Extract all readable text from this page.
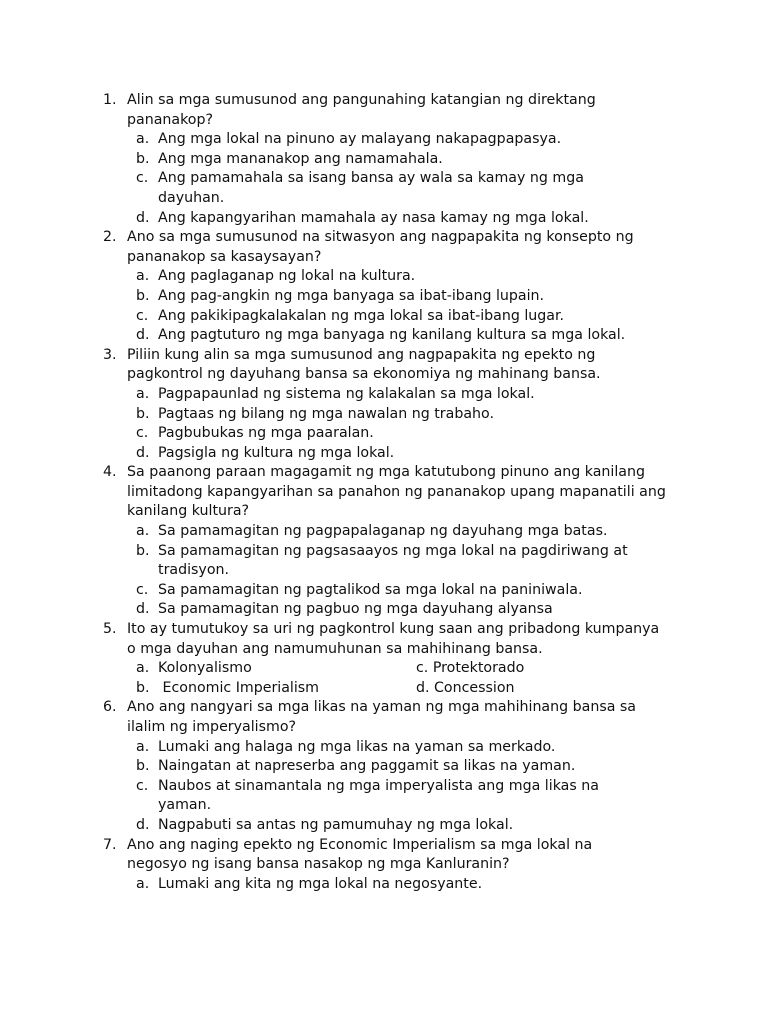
1. Alin sa mga sumusunod ang pangunahing katangian ng direktang pananakop?
a. Ang mga lokal na pinuno ay malayang nakapagpapasya.
b. Ang mga mananakop ang namamahala.
c. Ang pamamahala sa isang bansa ay wala sa kamay ng mga dayuhan.
d. Ang kapangyarihan mamahala ay nasa kamay ng mga lokal.
2. Ano sa mga sumusunod na sitwasyon ang nagpapakita ng konsepto ng pananakop sa kasaysayan?
a. Ang paglaganap ng lokal na kultura.
b. Ang pag-angkin ng mga banyaga sa ibat-ibang lupain.
c. Ang pakikipagkalakalan ng mga lokal sa ibat-ibang lugar.
d. Ang pagtuturo ng mga banyaga ng kanilang kultura sa mga lokal.
3. Piliin kung alin sa mga sumusunod ang nagpapakita ng epekto ng pagkontrol ng dayuhang bansa sa ekonomiya ng mahinang bansa.
a. Pagpapaunlad ng sistema ng kalakalan sa mga lokal.
b. Pagtaas ng bilang ng mga nawalan ng trabaho.
c. Pagbubukas ng mga paaralan.
d. Pagsigla ng kultura ng mga lokal.
4. Sa paanong paraan magagamit ng mga katutubong pinuno ang kanilang limitadong kapangyarihan sa panahon ng pananakop upang mapanatili ang kanilang kultura?
a. Sa pamamagitan ng pagpapalaganap ng dayuhang mga batas.
b. Sa pamamagitan ng pagsasaayos ng mga lokal na pagdiriwang at tradisyon.
c. Sa pamamagitan ng pagtalikod sa mga lokal na paniniwala.
d. Sa pamamagitan ng pagbuo ng mga dayuhang alyansa
5. Ito ay tumutukoy sa uri ng pagkontrol kung saan ang pribadong kumpanya o mga dayuhan ang namumuhunan sa mahihinang bansa.
a. Kolonyalismo	c. Protektorado
b. Economic Imperialism	d. Concession
6. Ano ang nangyari sa mga likas na yaman ng mga mahihinang bansa sa ilalim ng imperyalismo?
a. Lumaki ang halaga ng mga likas na yaman sa merkado.
b. Naingatan at napreserba ang paggamit sa likas na yaman.
c. Naubos at sinamantala ng mga imperyalista ang mga likas na yaman.
d. Nagpabuti sa antas ng pamumuhay ng mga lokal.
7. Ano ang naging epekto ng Economic Imperialism sa mga lokal na negosyo ng isang bansa nasakop ng mga Kanluranin?
a. Lumaki ang kita ng mga lokal na negosyante.
